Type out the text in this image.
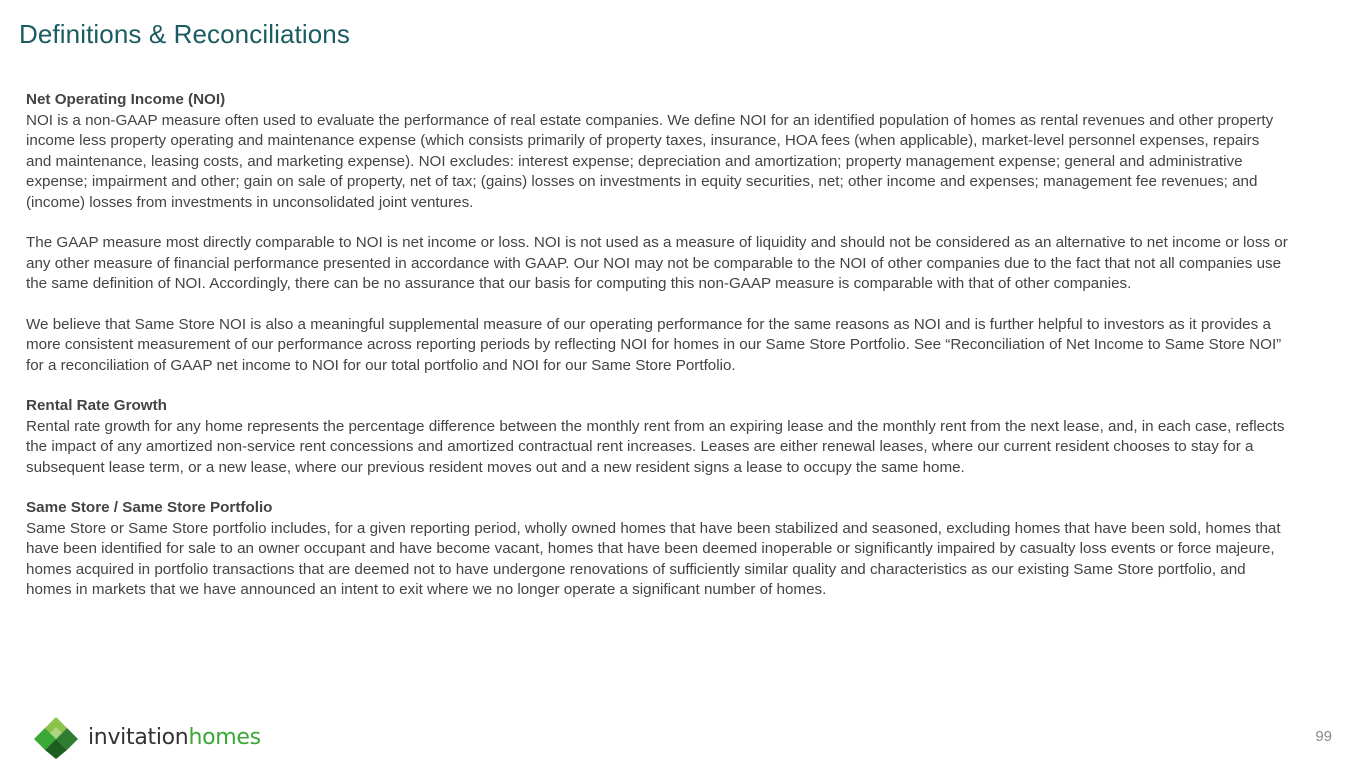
Definitions & Reconciliations
Net Operating Income (NOI)

NOI is a non-GAAP measure often used to evaluate the performance of real estate companies. We define NOI for an identified population of homes as rental revenues and other property income less property operating and maintenance expense (which consists primarily of property taxes, insurance, HOA fees (when applicable), market-level personnel expenses, repairs and maintenance, leasing costs, and marketing expense). NOI excludes: interest expense; depreciation and amortization; property management expense; general and administrative expense; impairment and other; gain on sale of property, net of tax; (gains) losses on investments in equity securities, net; other income and expenses; management fee revenues; and (income) losses from investments in unconsolidated joint ventures.

The GAAP measure most directly comparable to NOI is net income or loss. NOI is not used as a measure of liquidity and should not be considered as an alternative to net income or loss or any other measure of financial performance presented in accordance with GAAP. Our NOI may not be comparable to the NOI of other companies due to the fact that not all companies use the same definition of NOI. Accordingly, there can be no assurance that our basis for computing this non-GAAP measure is comparable with that of other companies.

We believe that Same Store NOI is also a meaningful supplemental measure of our operating performance for the same reasons as NOI and is further helpful to investors as it provides a more consistent measurement of our performance across reporting periods by reflecting NOI for homes in our Same Store Portfolio. See “Reconciliation of Net Income to Same Store NOI” for a reconciliation of GAAP net income to NOI for our total portfolio and NOI for our Same Store Portfolio.

Rental Rate Growth

Rental rate growth for any home represents the percentage difference between the monthly rent from an expiring lease and the monthly rent from the next lease, and, in each case, reflects the impact of any amortized non-service rent concessions and amortized contractual rent increases. Leases are either renewal leases, where our current resident chooses to stay for a subsequent lease term, or a new lease, where our previous resident moves out and a new resident signs a lease to occupy the same home.

Same Store / Same Store Portfolio

Same Store or Same Store portfolio includes, for a given reporting period, wholly owned homes that have been stabilized and seasoned, excluding homes that have been sold, homes that have been identified for sale to an owner occupant and have become vacant, homes that have been deemed inoperable or significantly impaired by casualty loss events or force majeure, homes acquired in portfolio transactions that are deemed not to have undergone renovations of sufficiently similar quality and characteristics as our existing Same Store portfolio, and homes in markets that we have announced an intent to exit where we no longer operate a significant number of homes.

invitationhomes	99
